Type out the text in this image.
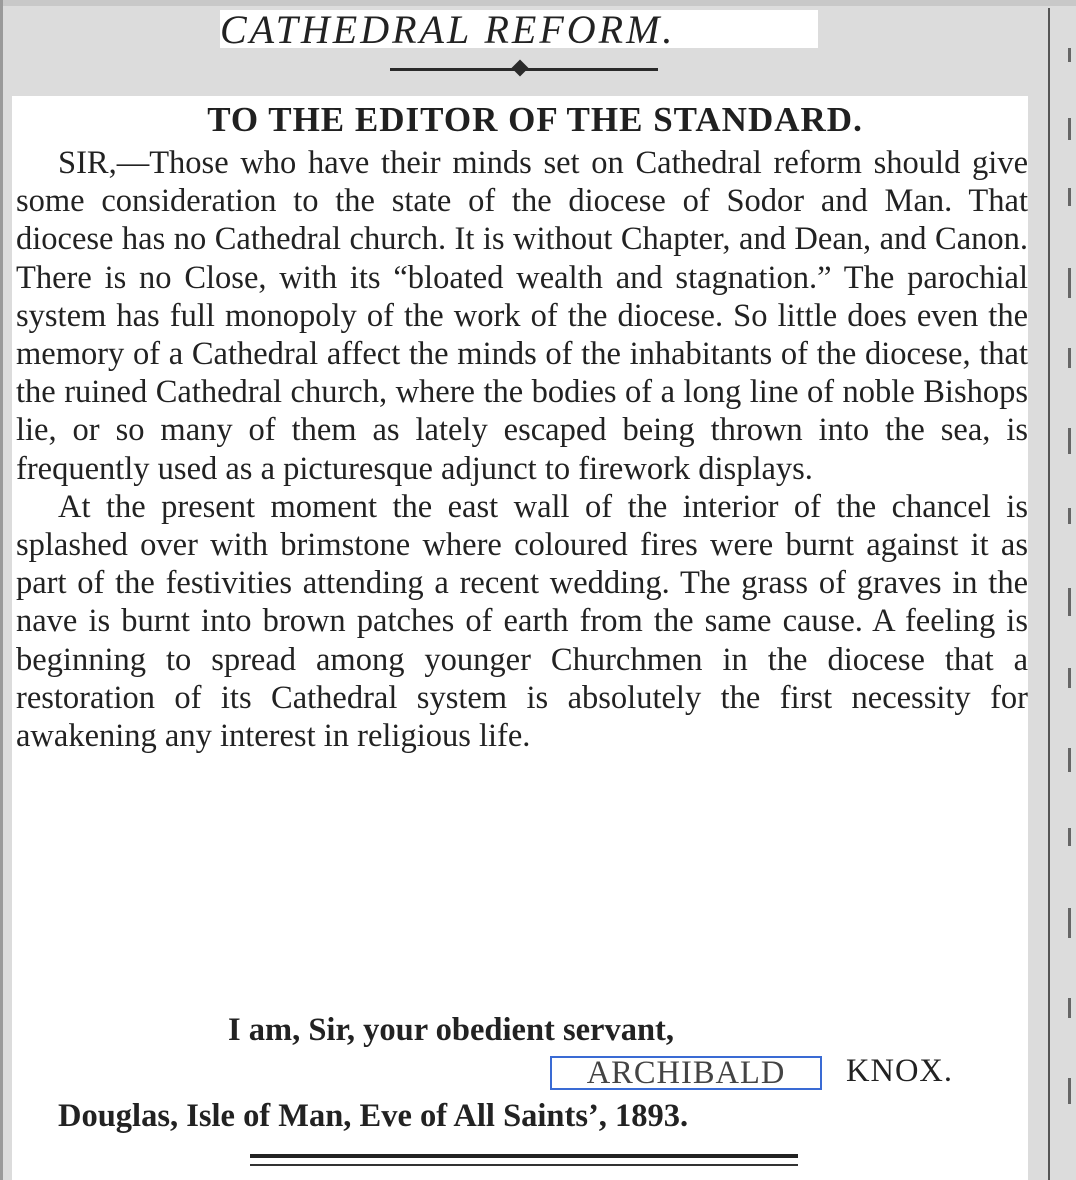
CATHEDRAL REFORM.
TO THE EDITOR OF THE STANDARD.

SIR,—Those who have their minds set on Cathedral reform should give some consideration to the state of the diocese of Sodor and Man. That diocese has no Cathedral church. It is without Chapter, and Dean, and Canon. There is no Close, with its “bloated wealth and stagnation.” The parochial system has full monopoly of the work of the diocese. So little does even the memory of a Cathedral affect the minds of the inhabitants of the diocese, that the ruined Cathedral church, where the bodies of a long line of noble Bishops lie, or so many of them as lately escaped being thrown into the sea, is frequently used as a picturesque adjunct to firework displays.

At the present moment the east wall of the interior of the chancel is splashed over with brimstone where coloured fires were burnt against it as part of the festivities attending a recent wedding. The grass of graves in the nave is burnt into brown patches of earth from the same cause. A feeling is beginning to spread among younger Churchmen in the diocese that a restoration of its Cathedral system is absolutely the first necessity for awakening any interest in religious life.

I am, Sir, your obedient servant,
ARCHIBALD	KNOX.
Douglas, Isle of Man, Eve of All Saints’, 1893.
